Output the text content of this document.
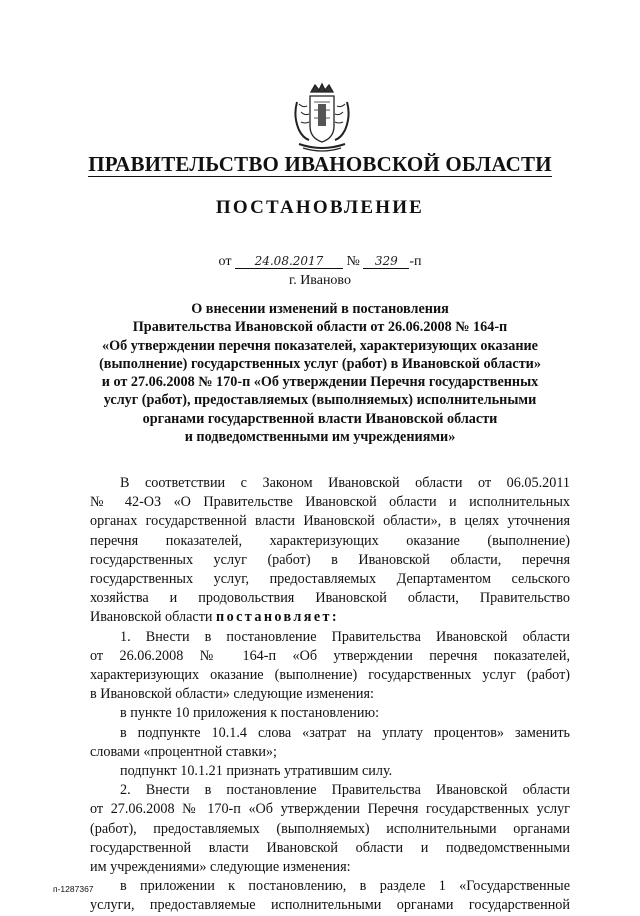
ПРАВИТЕЛЬСТВО ИВАНОВСКОЙ ОБЛАСТИ
ПОСТАНОВЛЕНИЕ
от 24.08.2017 № 329 -п
г. Иваново
О внесении изменений в постановления
Правительства Ивановской области от 26.06.2008 № 164-п
«Об утверждении перечня показателей, характеризующих оказание
(выполнение) государственных услуг (работ) в Ивановской области»
и от 27.06.2008 № 170-п «Об утверждении Перечня государственных
услуг (работ), предоставляемых (выполняемых) исполнительными
органами государственной власти Ивановской области
и подведомственными им учреждениями»
В соответствии с Законом Ивановской области от 06.05.2011
№ 42-ОЗ «О Правительстве Ивановской области и исполнительных
органах государственной власти Ивановской области», в целях уточнения
перечня показателей, характеризующих оказание (выполнение)
государственных услуг (работ) в Ивановской области, перечня
государственных услуг, предоставляемых Департаментом сельского
хозяйства и продовольствия Ивановской области, Правительство
Ивановской области постановляет:
1. Внести в постановление Правительства Ивановской области
от 26.06.2008 № 164-п «Об утверждении перечня показателей,
характеризующих оказание (выполнение) государственных услуг (работ)
в Ивановской области» следующие изменения:
в пункте 10 приложения к постановлению:
в подпункте 10.1.4 слова «затрат на уплату процентов» заменить
словами «процентной ставки»;
подпункт 10.1.21 признать утратившим силу.
2. Внести в постановление Правительства Ивановской области
от 27.06.2008 № 170-п «Об утверждении Перечня государственных услуг
(работ), предоставляемых (выполняемых) исполнительными органами
государственной власти Ивановской области и подведомственными
им учреждениями» следующие изменения:
в приложении к постановлению, в разделе 1 «Государственные
услуги, предоставляемые исполнительными органами государственной
п-1287367
